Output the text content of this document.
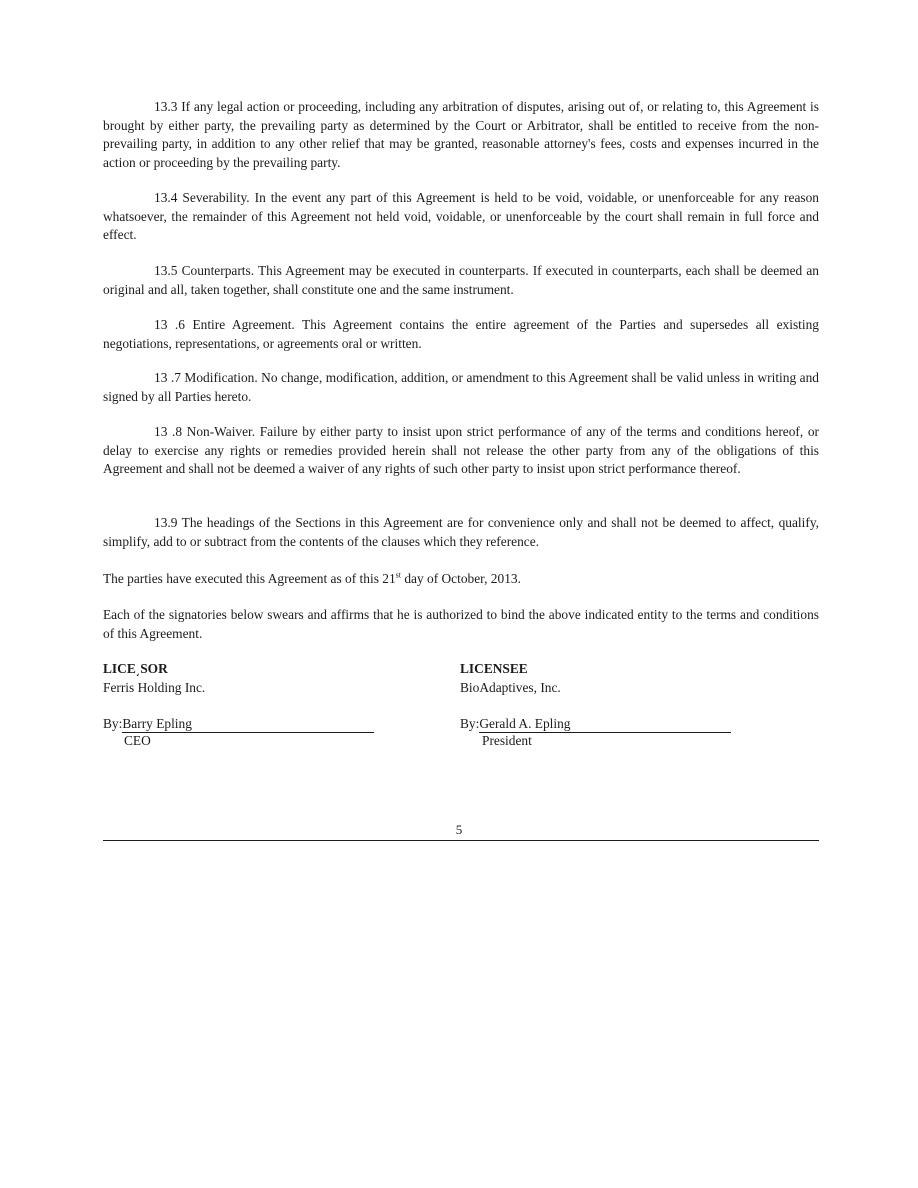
13.3 If any legal action or proceeding, including any arbitration of disputes, arising out of, or relating to, this Agreement is brought by either party, the prevailing party as determined by the Court or Arbitrator, shall be entitled to receive from the non-prevailing party, in addition to any other relief that may be granted, reasonable attorney's fees, costs and expenses incurred in the action or proceeding by the prevailing party.

13.4 Severability. In the event any part of this Agreement is held to be void, voidable, or unenforceable for any reason whatsoever, the remainder of this Agreement not held void, voidable, or unenforceable by the court shall remain in full force and effect.

13.5 Counterparts. This Agreement may be executed in counterparts. If executed in counterparts, each shall be deemed an original and all, taken together, shall constitute one and the same instrument.

13 .6 Entire Agreement. This Agreement contains the entire agreement of the Parties and supersedes all existing negotiations, representations, or agreements oral or written.

13 .7 Modification. No change, modification, addition, or amendment to this Agreement shall be valid unless in writing and signed by all Parties hereto.

13 .8 Non-Waiver. Failure by either party to insist upon strict performance of any of the terms and conditions hereof, or delay to exercise any rights or remedies provided herein shall not release the other party from any of the obligations of this Agreement and shall not be deemed a waiver of any rights of such other party to insist upon strict performance thereof.

13.9 The headings of the Sections in this Agreement are for convenience only and shall not be deemed to affect, qualify, simplify, add to or subtract from the contents of the clauses which they reference.

The parties have executed this Agreement as of this 21st day of October, 2013.

Each of the signatories below swears and affirms that he is authorized to bind the above indicated entity to the terms and conditions of this Agreement.

LICE͵SOR
Ferris Holding Inc.
By:Barry Epling
CEO
LICENSEE
BioAdaptives, Inc.
By:Gerald A. Epling
President
5
